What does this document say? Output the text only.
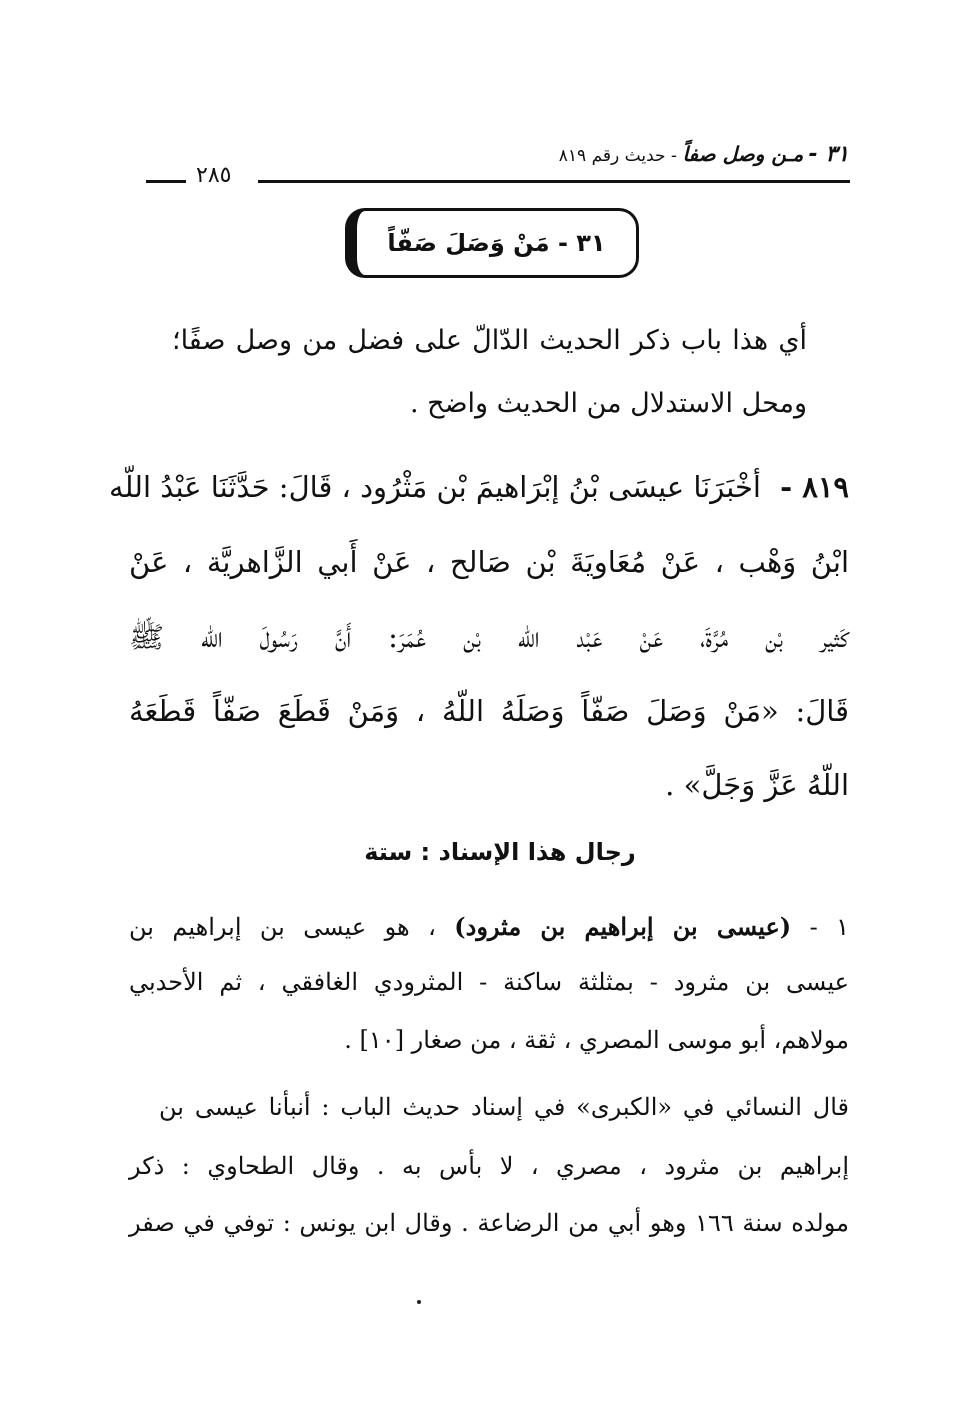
٣١ - مـن وصل صفاً - حديث رقم ٨١٩
٢٨٥
٣١ - مَنْ وَصَلَ صَفّاً
أي هذا باب ذكر الحديث الدّالّ على فضل من وصل صفًا؛
ومحل الاستدلال من الحديث واضح .
٨١٩ -
أخْبَرَنَا عيسَى بْنُ إبْرَاهيمَ بْن مَثْرُود ، قَالَ: حَدَّثَنَا عَبْدُ اللّه
ابْنُ وَهْب ، عَنْ مُعَاويَةَ بْن صَالح ، عَنْ أَبي الزَّاهريَّة ، عَنْ
كَثير بْن مُرَّةَ، عَنْ عَبْد اللّه بْن عُمَرَ: أَنَّ رَسُولَ اللّه ﷺ
قَالَ: «مَنْ وَصَلَ صَفّاً وَصَلَهُ اللّهُ ، وَمَنْ قَطَعَ صَفّاً قَطَعَهُ
اللّهُ عَزَّ وَجَلَّ» .
رجال هذا الإسناد : ستة
١ - (عيسى بن إبراهيم بن مثرود) ، هو عيسى بن إبراهيم بن
عيسى بن مثرود - بمثلثة ساكنة - المثرودي الغافقي ، ثم الأحدبي
مولاهم، أبو موسى المصري ، ثقة ، من صغار [١٠] .
قال النسائي في «الكبرى» في إسناد حديث الباب : أنبأنا عيسى بن
إبراهيم بن مثرود ، مصري ، لا بأس به . وقال الطحاوي : ذكر
مولده سنة ١٦٦ وهو أبي من الرضاعة . وقال ابن يونس : توفي في صفر
